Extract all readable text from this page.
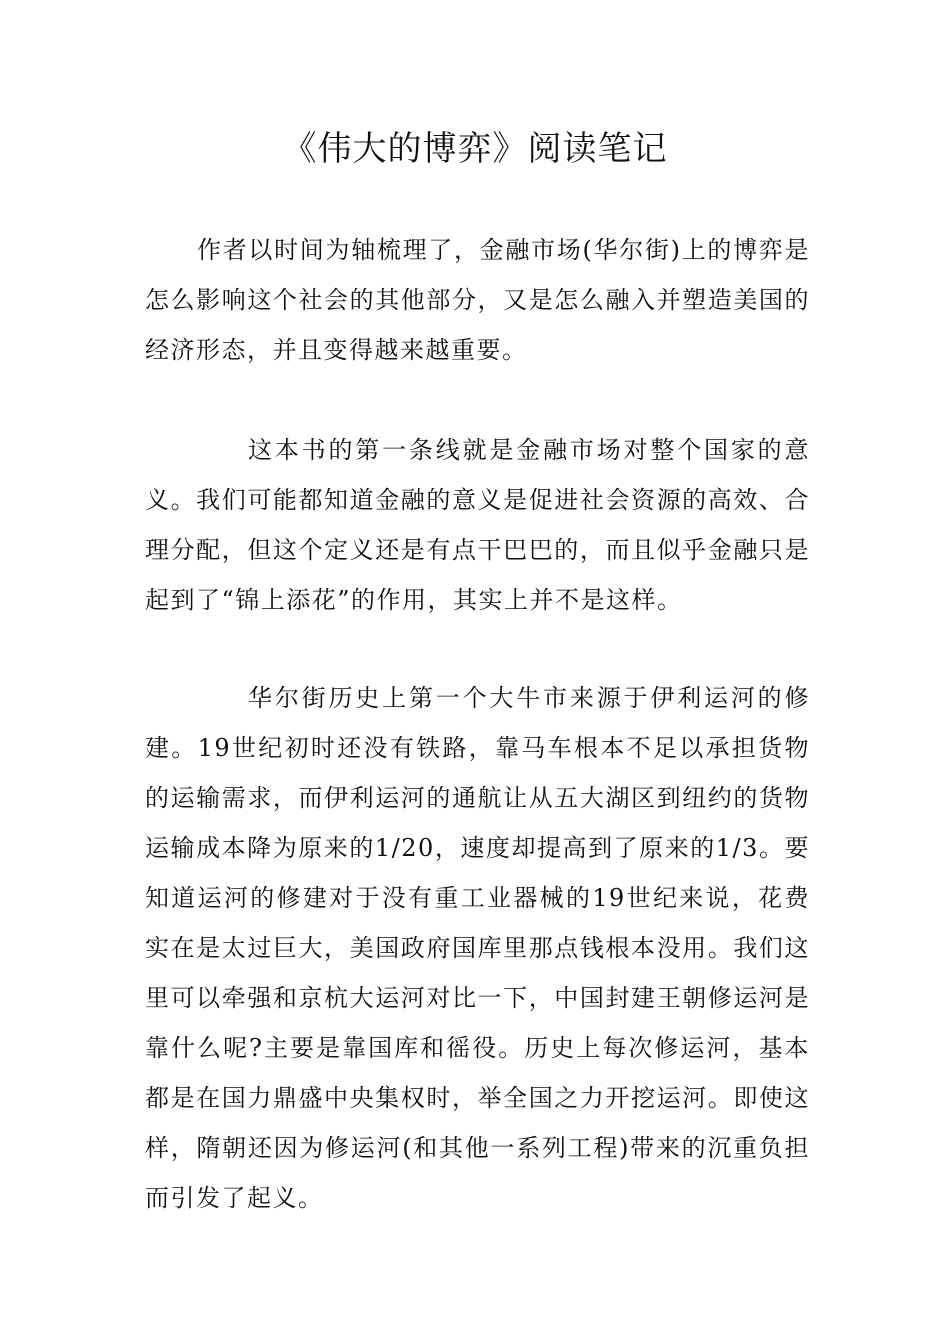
《伟大的博弈》阅读笔记

作者以时间为轴梳理了，金融市场(华尔街)上的博弈是怎么影响这个社会的其他部分，又是怎么融入并塑造美国的经济形态，并且变得越来越重要。

这本书的第一条线就是金融市场对整个国家的意义。我们可能都知道金融的意义是促进社会资源的高效、合理分配，但这个定义还是有点干巴巴的，而且似乎金融只是起到了“锦上添花”的作用，其实上并不是这样。

华尔街历史上第一个大牛市来源于伊利运河的修建。19世纪初时还没有铁路，靠马车根本不足以承担货物的运输需求，而伊利运河的通航让从五大湖区到纽约的货物运输成本降为原来的1/20，速度却提高到了原来的1/3。要知道运河的修建对于没有重工业器械的19世纪来说，花费实在是太过巨大，美国政府国库里那点钱根本没用。我们这里可以牵强和京杭大运河对比一下，中国封建王朝修运河是靠什么呢?主要是靠国库和徭役。历史上每次修运河，基本都是在国力鼎盛中央集权时，举全国之力开挖运河。即使这样，隋朝还因为修运河(和其他一系列工程)带来的沉重负担而引发了起义。
